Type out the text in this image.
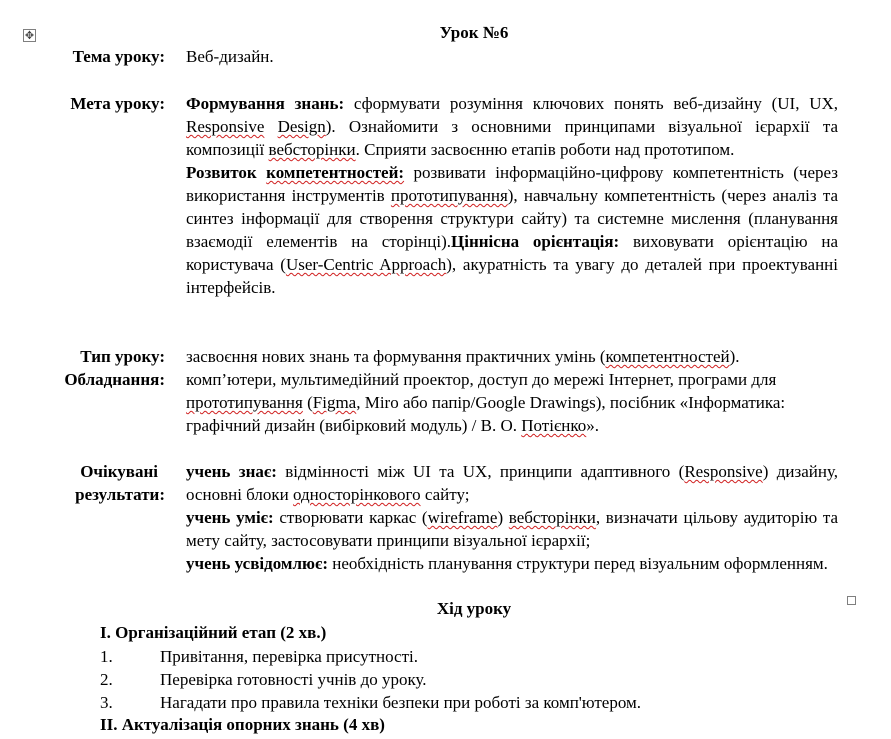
✥	Урок №6
Тема уроку: Веб-дизайн.
Мета уроку: Формування знань: сформувати розуміння ключових понять веб-дизайну (UI, UX, Responsive Design). Ознайомити з основними принципами візуальної ієрархії та композиції вебсторінки. Сприяти засвоєнню етапів роботи над прототипом.

Розвиток компетентностей: розвивати інформаційно-цифрову компетентність (через використання інструментів прототипування), навчальну компетентність (через аналіз та синтез інформації для створення структури сайту) та системне мислення (планування взаємодії елементів на сторінці).Ціннісна орієнтація: виховувати орієнтацію на користувача (User-Centric Approach), акуратність та увагу до деталей при проектуванні інтерфейсів.

Тип уроку: засвоєння нових знань та формування практичних умінь (компетентностей).
Обладнання: комп’ютери, мультимедійний проектор, доступ до мережі Інтернет, програми для прототипування (Figma, Miro або папір/Google Drawings), посібник «Інформатика: графічний дизайн (вибірковий модуль) / В. О. Потієнко».
Очікувані
результати:

учень знає: відмінності між UI та UX, принципи адаптивного (Responsive) дизайну, основні блоки односторінкового сайту;

учень уміє: створювати каркас (wireframe) вебсторінки, визначати цільову аудиторію та мету сайту, застосовувати принципи візуальної ієрархії;

учень усвідомлює: необхідність планування структури перед візуальним оформленням.

Хід уроку
I. Організаційний етап (2 хв.)
1.	Привітання, перевірка присутності.
2.	Перевірка готовності учнів до уроку.
3.	Нагадати про правила техніки безпеки при роботі за комп'ютером.
II. Актуалізація опорних знань (4 хв)
